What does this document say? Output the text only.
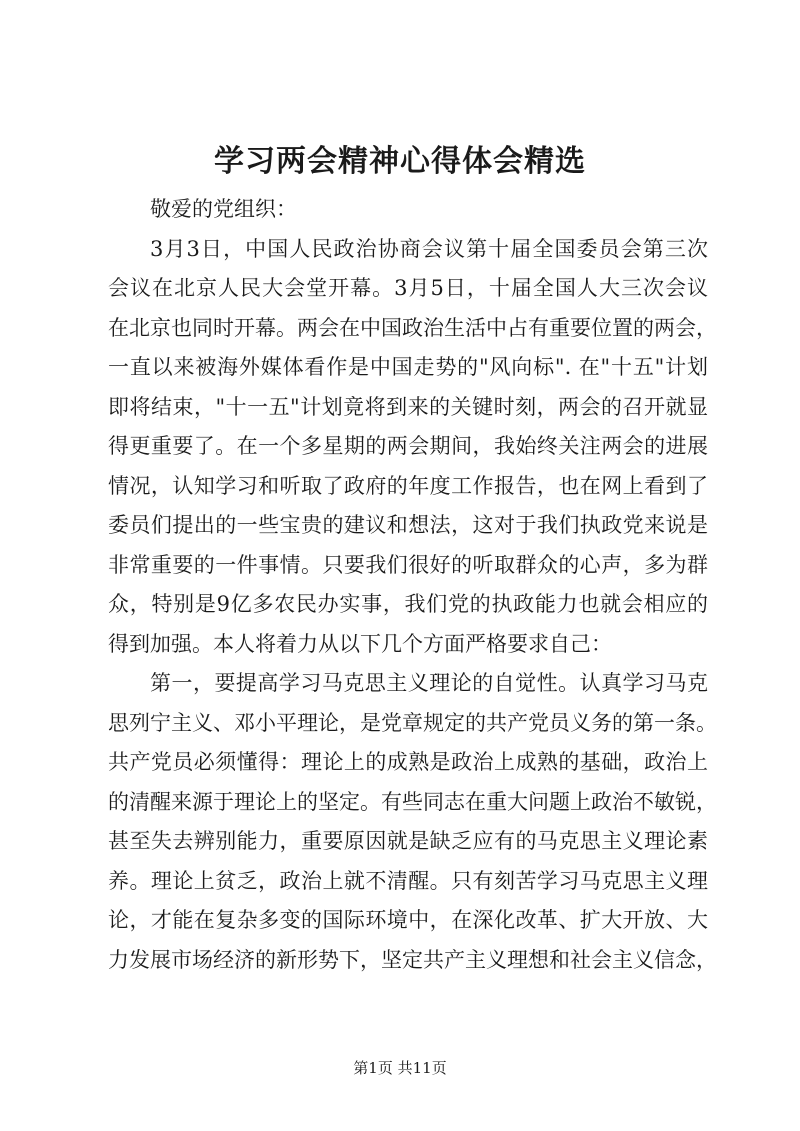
学习两会精神心得体会精选

敬爱的党组织：

3月3日，中国人民政治协商会议第十届全国委员会第三次

会议在北京人民大会堂开幕。3月5日，十届全国人大三次会议

在北京也同时开幕。两会在中国政治生活中占有重要位置的两会，

一直以来被海外媒体看作是中国走势的"风向标". 在"十五"计划

即将结束，"十一五"计划竟将到来的关键时刻，两会的召开就显

得更重要了。在一个多星期的两会期间，我始终关注两会的进展

情况，认知学习和听取了政府的年度工作报告，也在网上看到了

委员们提出的一些宝贵的建议和想法，这对于我们执政党来说是

非常重要的一件事情。只要我们很好的听取群众的心声，多为群

众，特别是9亿多农民办实事，我们党的执政能力也就会相应的

得到加强。本人将着力从以下几个方面严格要求自己：

第一，要提高学习马克思主义理论的自觉性。认真学习马克

思列宁主义、邓小平理论，是党章规定的共产党员义务的第一条。

共产党员必须懂得：理论上的成熟是政治上成熟的基础，政治上

的清醒来源于理论上的坚定。有些同志在重大问题上政治不敏锐，

甚至失去辨别能力，重要原因就是缺乏应有的马克思主义理论素

养。理论上贫乏，政治上就不清醒。只有刻苦学习马克思主义理

论，才能在复杂多变的国际环境中，在深化改革、扩大开放、大

力发展市场经济的新形势下，坚定共产主义理想和社会主义信念，

第1页 共11页
